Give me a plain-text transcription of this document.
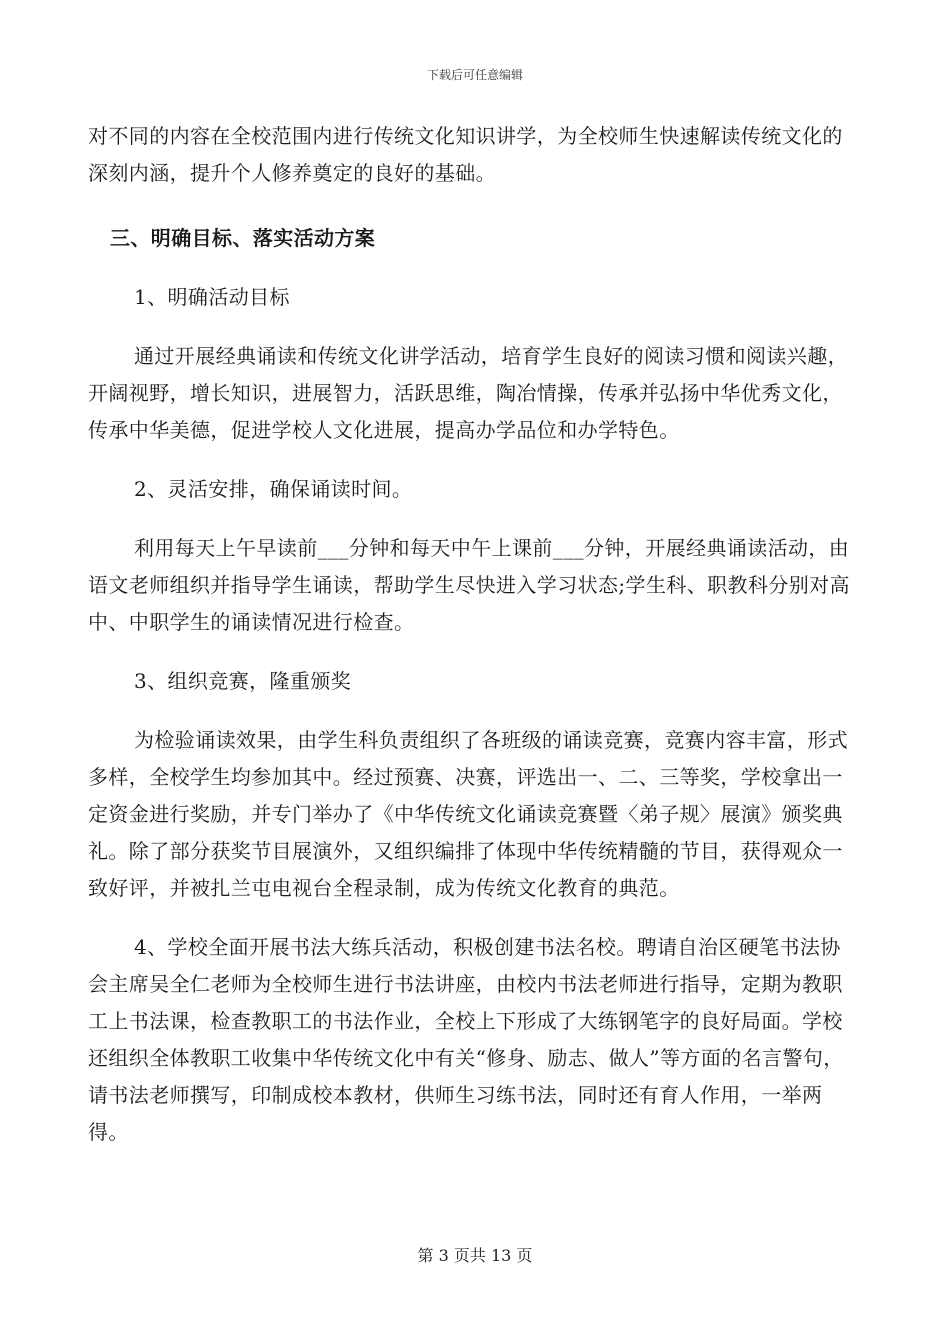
下载后可任意编辑

对不同的内容在全校范围内进行传统文化知识讲学，为全校师生快速解读传统文化的深刻内涵，提升个人修养奠定的良好的基础。

三、明确目标、落实活动方案

1、明确活动目标

通过开展经典诵读和传统文化讲学活动，培育学生良好的阅读习惯和阅读兴趣，开阔视野，增长知识，进展智力，活跃思维，陶冶情操，传承并弘扬中华优秀文化，传承中华美德，促进学校人文化进展，提高办学品位和办学特色。

2、灵活安排，确保诵读时间。

利用每天上午早读前___分钟和每天中午上课前___分钟，开展经典诵读活动，由语文老师组织并指导学生诵读，帮助学生尽快进入学习状态;学生科、职教科分别对高中、中职学生的诵读情况进行检查。

3、组织竞赛，隆重颁奖

为检验诵读效果，由学生科负责组织了各班级的诵读竞赛，竞赛内容丰富，形式多样，全校学生均参加其中。经过预赛、决赛，评选出一、二、三等奖，学校拿出一定资金进行奖励，并专门举办了《中华传统文化诵读竞赛暨〈弟子规〉展演》颁奖典礼。除了部分获奖节目展演外，又组织编排了体现中华传统精髓的节目，获得观众一致好评，并被扎兰屯电视台全程录制，成为传统文化教育的典范。

4、学校全面开展书法大练兵活动，积极创建书法名校。聘请自治区硬笔书法协会主席吴全仁老师为全校师生进行书法讲座，由校内书法老师进行指导，定期为教职工上书法课，检查教职工的书法作业，全校上下形成了大练钢笔字的良好局面。学校还组织全体教职工收集中华传统文化中有关“修身、励志、做人”等方面的名言警句，请书法老师撰写，印制成校本教材，供师生习练书法，同时还有育人作用，一举两得。

第 3 页共 13 页
